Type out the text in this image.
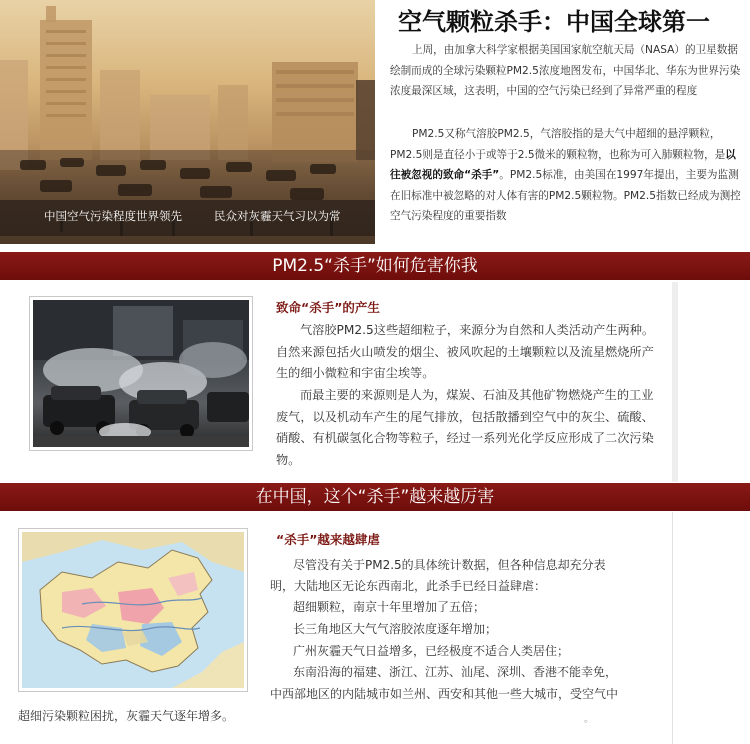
中国空气污染程度世界领先	民众对灰霾天气习以为常
空气颗粒杀手：中国全球第一

上周，由加拿大科学家根据美国国家航空航天局（NASA）的卫星数据绘制而成的全球污染颗粒PM2.5浓度地图发布，中国华北、华东为世界污染浓度最深区域，这表明，中国的空气污染已经到了异常严重的程度

PM2.5又称气溶胶PM2.5，气溶胶指的是大气中超细的悬浮颗粒，PM2.5则是直径小于或等于2.5微米的颗粒物，也称为可入肺颗粒物，是以往被忽视的致命“杀手”。PM2.5标准，由美国在1997年提出，主要为监测在旧标准中被忽略的对人体有害的PM2.5颗粒物。PM2.5指数已经成为测控空气污染程度的重要指数

PM2.5“杀手”如何危害你我
致命“杀手”的产生

气溶胶PM2.5这些超细粒子，来源分为自然和人类活动产生两种。自然来源包括火山喷发的烟尘、被风吹起的土壤颗粒以及流星燃烧所产生的细小微粒和宇宙尘埃等。

而最主要的来源则是人为，煤炭、石油及其他矿物燃烧产生的工业废气，以及机动车产生的尾气排放，包括散播到空气中的灰尘、硫酸、硝酸、有机碳氢化合物等粒子，经过一系列光化学反应形成了二次污染物。

在中国，这个“杀手”越来越厉害
“杀手”越来越肆虐
尽管没有关于PM2.5的具体统计数据，但各种信息却充分表
明，大陆地区无论东西南北，此杀手已经日益肆虐：
超细颗粒，南京十年里增加了五倍；
长三角地区大气气溶胶浓度逐年增加；
广州灰霾天气日益增多，已经极度不适合人类居住；
东南沿海的福建、浙江、江苏、汕尾、深圳、香港不能幸免，
中西部地区的内陆城市如兰州、西安和其他一些大城市，受空气中
超细污染颗粒困扰，灰霾天气逐年增多。	。
